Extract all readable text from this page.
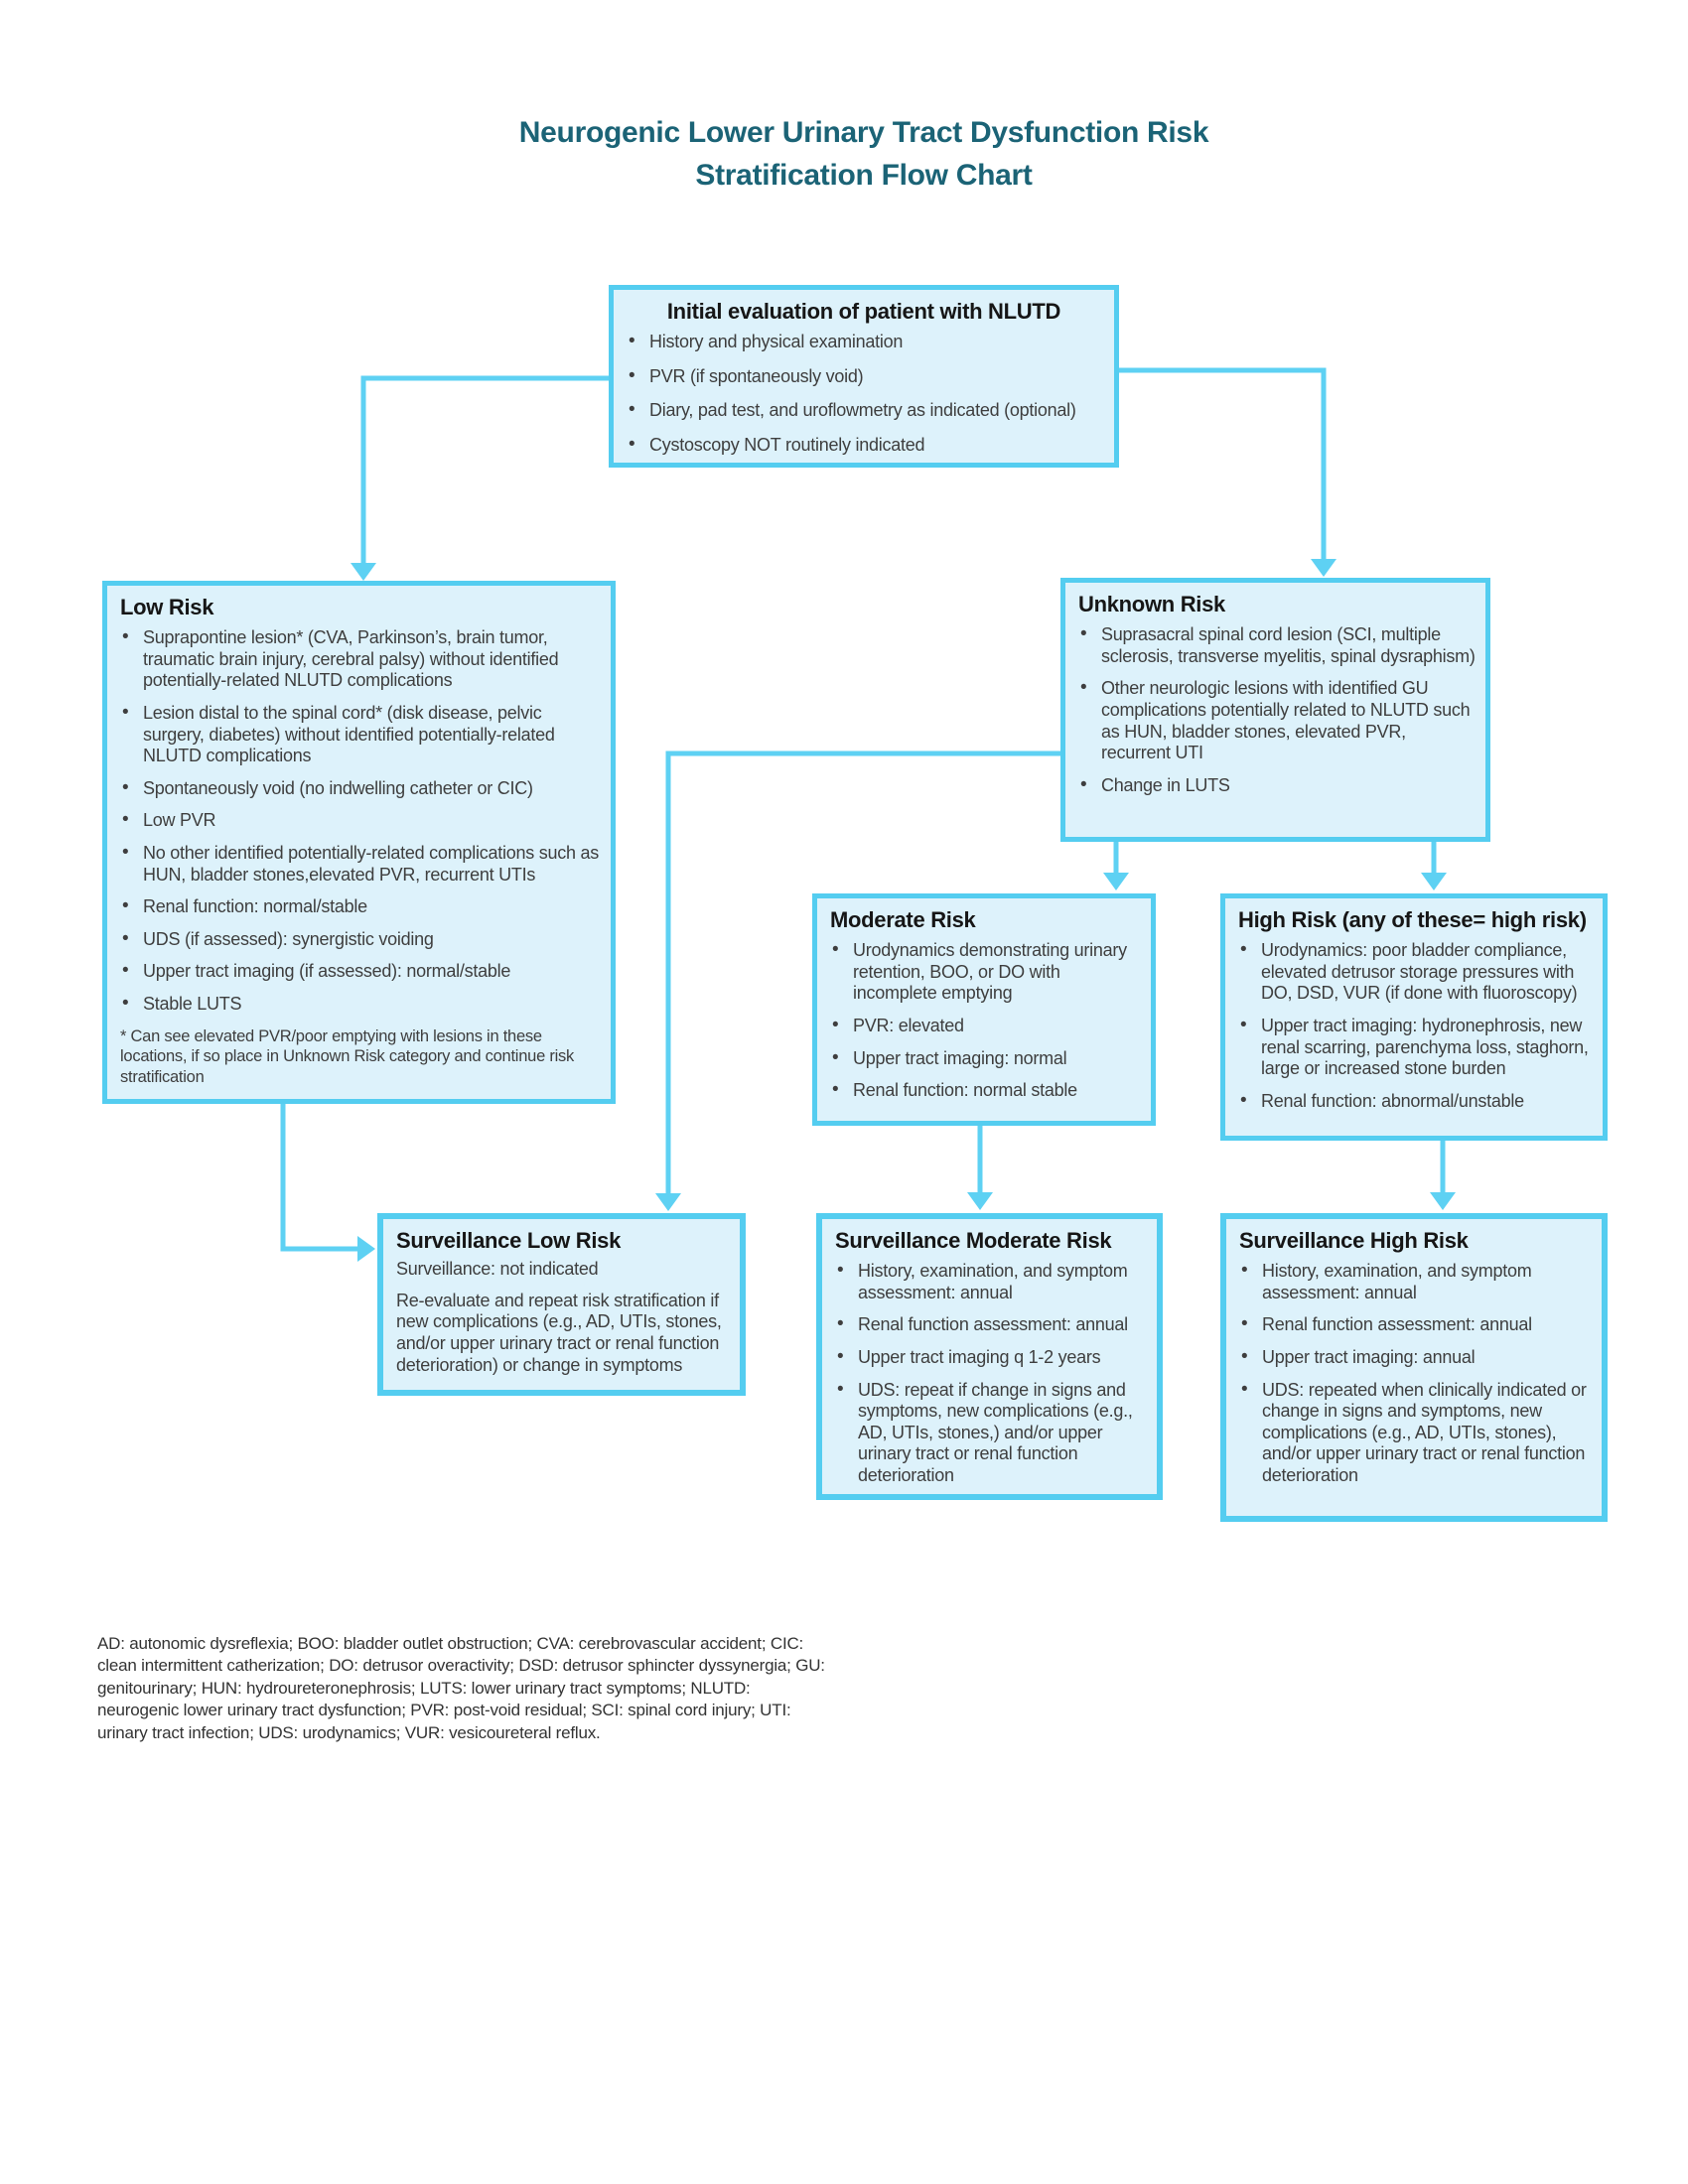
Neurogenic Lower Urinary Tract Dysfunction Risk
Stratification Flow Chart
Initial evaluation of patient with NLUTD
• History and physical examination
• PVR (if spontaneously void)
• Diary, pad test, and uroflowmetry as indicated (optional)
• Cystoscopy NOT routinely indicated
Low Risk
• Suprapontine lesion* (CVA, Parkinson’s, brain tumor, traumatic brain injury, cerebral palsy) without identified potentially-related NLUTD complications
• Lesion distal to the spinal cord* (disk disease, pelvic surgery, diabetes) without identified potentially-related NLUTD complications
• Spontaneously void (no indwelling catheter or CIC)
• Low PVR
• No other identified potentially-related complications such as HUN, bladder stones,elevated PVR, recurrent UTIs
• Renal function: normal/stable
• UDS (if assessed): synergistic voiding
• Upper tract imaging (if assessed): normal/stable
• Stable LUTS
* Can see elevated PVR/poor emptying with lesions in these locations, if so place in Unknown Risk category and continue risk stratification
Unknown Risk
• Suprasacral spinal cord lesion (SCI, multiple sclerosis, transverse myelitis, spinal dysraphism)
• Other neurologic lesions with identified GU complications potentially related to NLUTD such as HUN, bladder stones, elevated PVR, recurrent UTI
• Change in LUTS
Moderate Risk
• Urodynamics demonstrating urinary retention, BOO, or DO with incomplete emptying
• PVR: elevated
• Upper tract imaging: normal
• Renal function: normal stable
High Risk (any of these= high risk)
• Urodynamics: poor bladder compliance, elevated detrusor storage pressures with DO, DSD, VUR (if done with fluoroscopy)
• Upper tract imaging: hydronephrosis, new renal scarring, parenchyma loss, staghorn, large or increased stone burden
• Renal function: abnormal/unstable
Surveillance Low Risk
Surveillance: not indicated
Re-evaluate and repeat risk stratification if new complications (e.g., AD, UTIs, stones, and/or upper urinary tract or renal function deterioration) or change in symptoms
Surveillance Moderate Risk
• History, examination, and symptom assessment: annual
• Renal function assessment: annual
• Upper tract imaging q 1-2 years
• UDS: repeat if change in signs and symptoms, new complications (e.g., AD, UTIs, stones,) and/or upper urinary tract or renal function deterioration
Surveillance High Risk
• History, examination, and symptom assessment: annual
• Renal function assessment: annual
• Upper tract imaging: annual
• UDS: repeated when clinically indicated or change in signs and symptoms, new complications (e.g., AD, UTIs, stones), and/or upper urinary tract or renal function deterioration
AD: autonomic dysreflexia; BOO: bladder outlet obstruction; CVA: cerebrovascular accident; CIC: clean intermittent catherization; DO: detrusor overactivity; DSD: detrusor sphincter dyssynergia; GU: genitourinary; HUN: hydroureteronephrosis; LUTS: lower urinary tract symptoms; NLUTD: neurogenic lower urinary tract dysfunction; PVR: post-void residual; SCI: spinal cord injury; UTI: urinary tract infection; UDS: urodynamics; VUR: vesicoureteral reflux.
